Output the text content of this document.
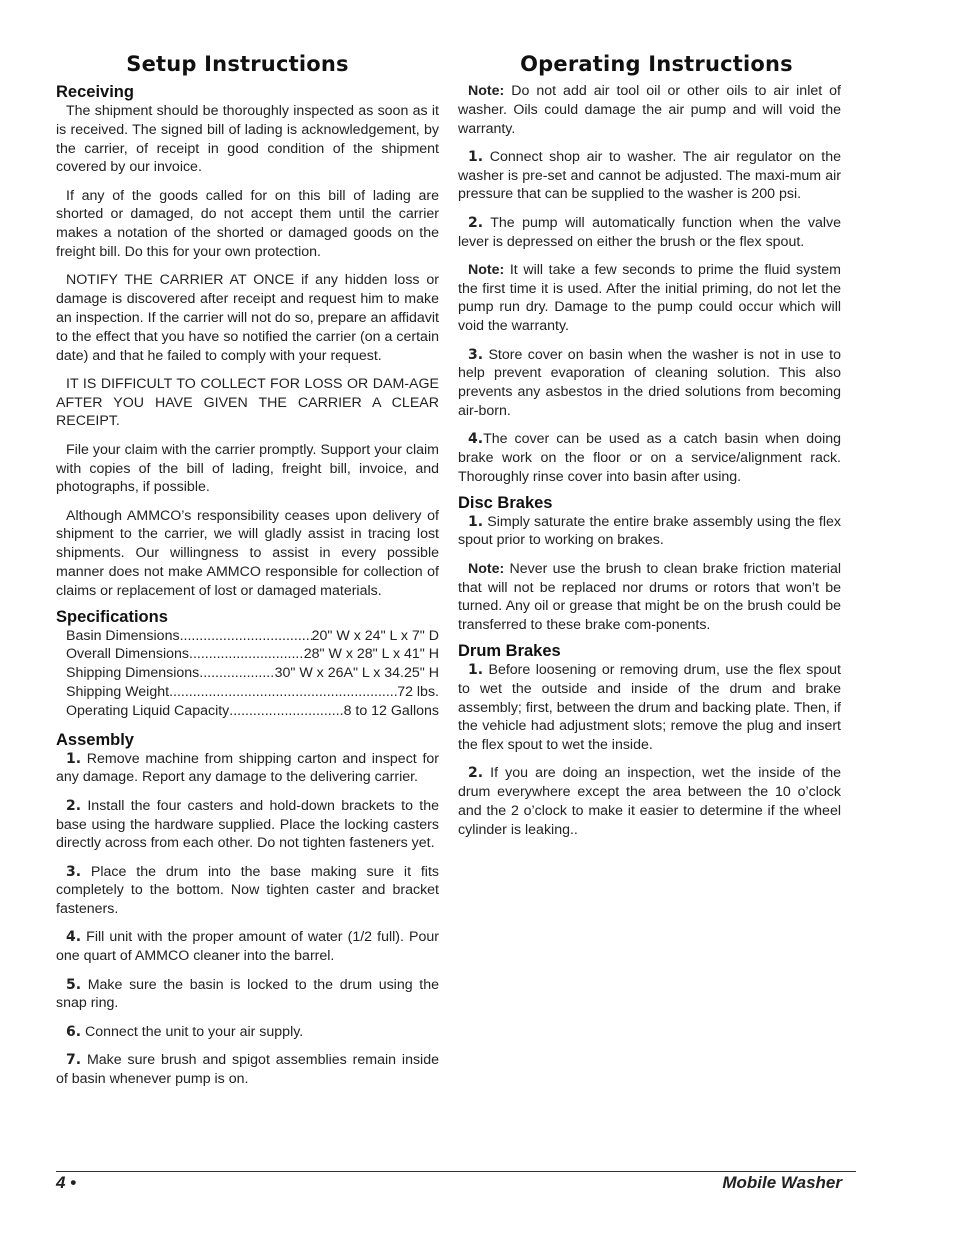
Setup Instructions
Receiving

The shipment should be thoroughly inspected as soon as it is received. The signed bill of lading is acknowledgement, by the carrier, of receipt in good condition of the shipment covered by our invoice.

If any of the goods called for on this bill of lading are shorted or damaged, do not accept them until the carrier makes a notation of the shorted or damaged goods on the freight bill. Do this for your own protection.

NOTIFY THE CARRIER AT ONCE if any hidden loss or damage is discovered after receipt and request him to make an inspection. If the carrier will not do so, prepare an affidavit to the effect that you have so notified the carrier (on a certain date) and that he failed to comply with your request.

IT IS DIFFICULT TO COLLECT FOR LOSS OR DAM-AGE AFTER YOU HAVE GIVEN THE CARRIER A CLEAR RECEIPT.

File your claim with the carrier promptly. Support your claim with copies of the bill of lading, freight bill, invoice, and photographs, if possible.

Although AMMCO’s responsibility ceases upon delivery of shipment to the carrier, we will gladly assist in tracing lost shipments. Our willingness to assist in every possible manner does not make AMMCO responsible for collection of claims or replacement of lost or damaged materials.

Specifications
Basin Dimensions .....	20" W x 24" L x 7" D
Overall Dimensions .....	28" W x 28" L x 41" H
Shipping Dimensions .....	30" W x 26A" L x 34.25" H
Shipping Weight .....	72 lbs.
Operating Liquid Capacity .....	8 to 12 Gallons
Assembly

1. Remove machine from shipping carton and inspect for any damage. Report any damage to the delivering carrier.

2. Install the four casters and hold-down brackets to the base using the hardware supplied. Place the locking casters directly across from each other. Do not tighten fasteners yet.

3. Place the drum into the base making sure it fits completely to the bottom. Now tighten caster and bracket fasteners.

4. Fill unit with the proper amount of water (1/2 full). Pour one quart of AMMCO cleaner into the barrel.

5. Make sure the basin is locked to the drum using the snap ring.

6. Connect the unit to your air supply.

7. Make sure brush and spigot assemblies remain inside of basin whenever pump is on.

Operating Instructions

Note: Do not add air tool oil or other oils to air inlet of washer. Oils could damage the air pump and will void the warranty.

1. Connect shop air to washer. The air regulator on the washer is pre-set and cannot be adjusted. The maxi-mum air pressure that can be supplied to the washer is 200 psi.

2. The pump will automatically function when the valve lever is depressed on either the brush or the flex spout.

Note: It will take a few seconds to prime the fluid system the first time it is used. After the initial priming, do not let the pump run dry. Damage to the pump could occur which will void the warranty.

3. Store cover on basin when the washer is not in use to help prevent evaporation of cleaning solution. This also prevents any asbestos in the dried solutions from becoming air-born.

4.The cover can be used as a catch basin when doing brake work on the floor or on a service/alignment rack. Thoroughly rinse cover into basin after using.

Disc Brakes

1. Simply saturate the entire brake assembly using the flex spout prior to working on brakes.

Note: Never use the brush to clean brake friction material that will not be replaced nor drums or rotors that won’t be turned. Any oil or grease that might be on the brush could be transferred to these brake com-ponents.

Drum Brakes

1. Before loosening or removing drum, use the flex spout to wet the outside and inside of the drum and brake assembly; first, between the drum and backing plate. Then, if the vehicle had adjustment slots; remove the plug and insert the flex spout to wet the inside.

2. If you are doing an inspection, wet the inside of the drum everywhere except the area between the 10 o’clock and the 2 o’clock to make it easier to determine if the wheel cylinder is leaking..

4 •	Mobile Washer
